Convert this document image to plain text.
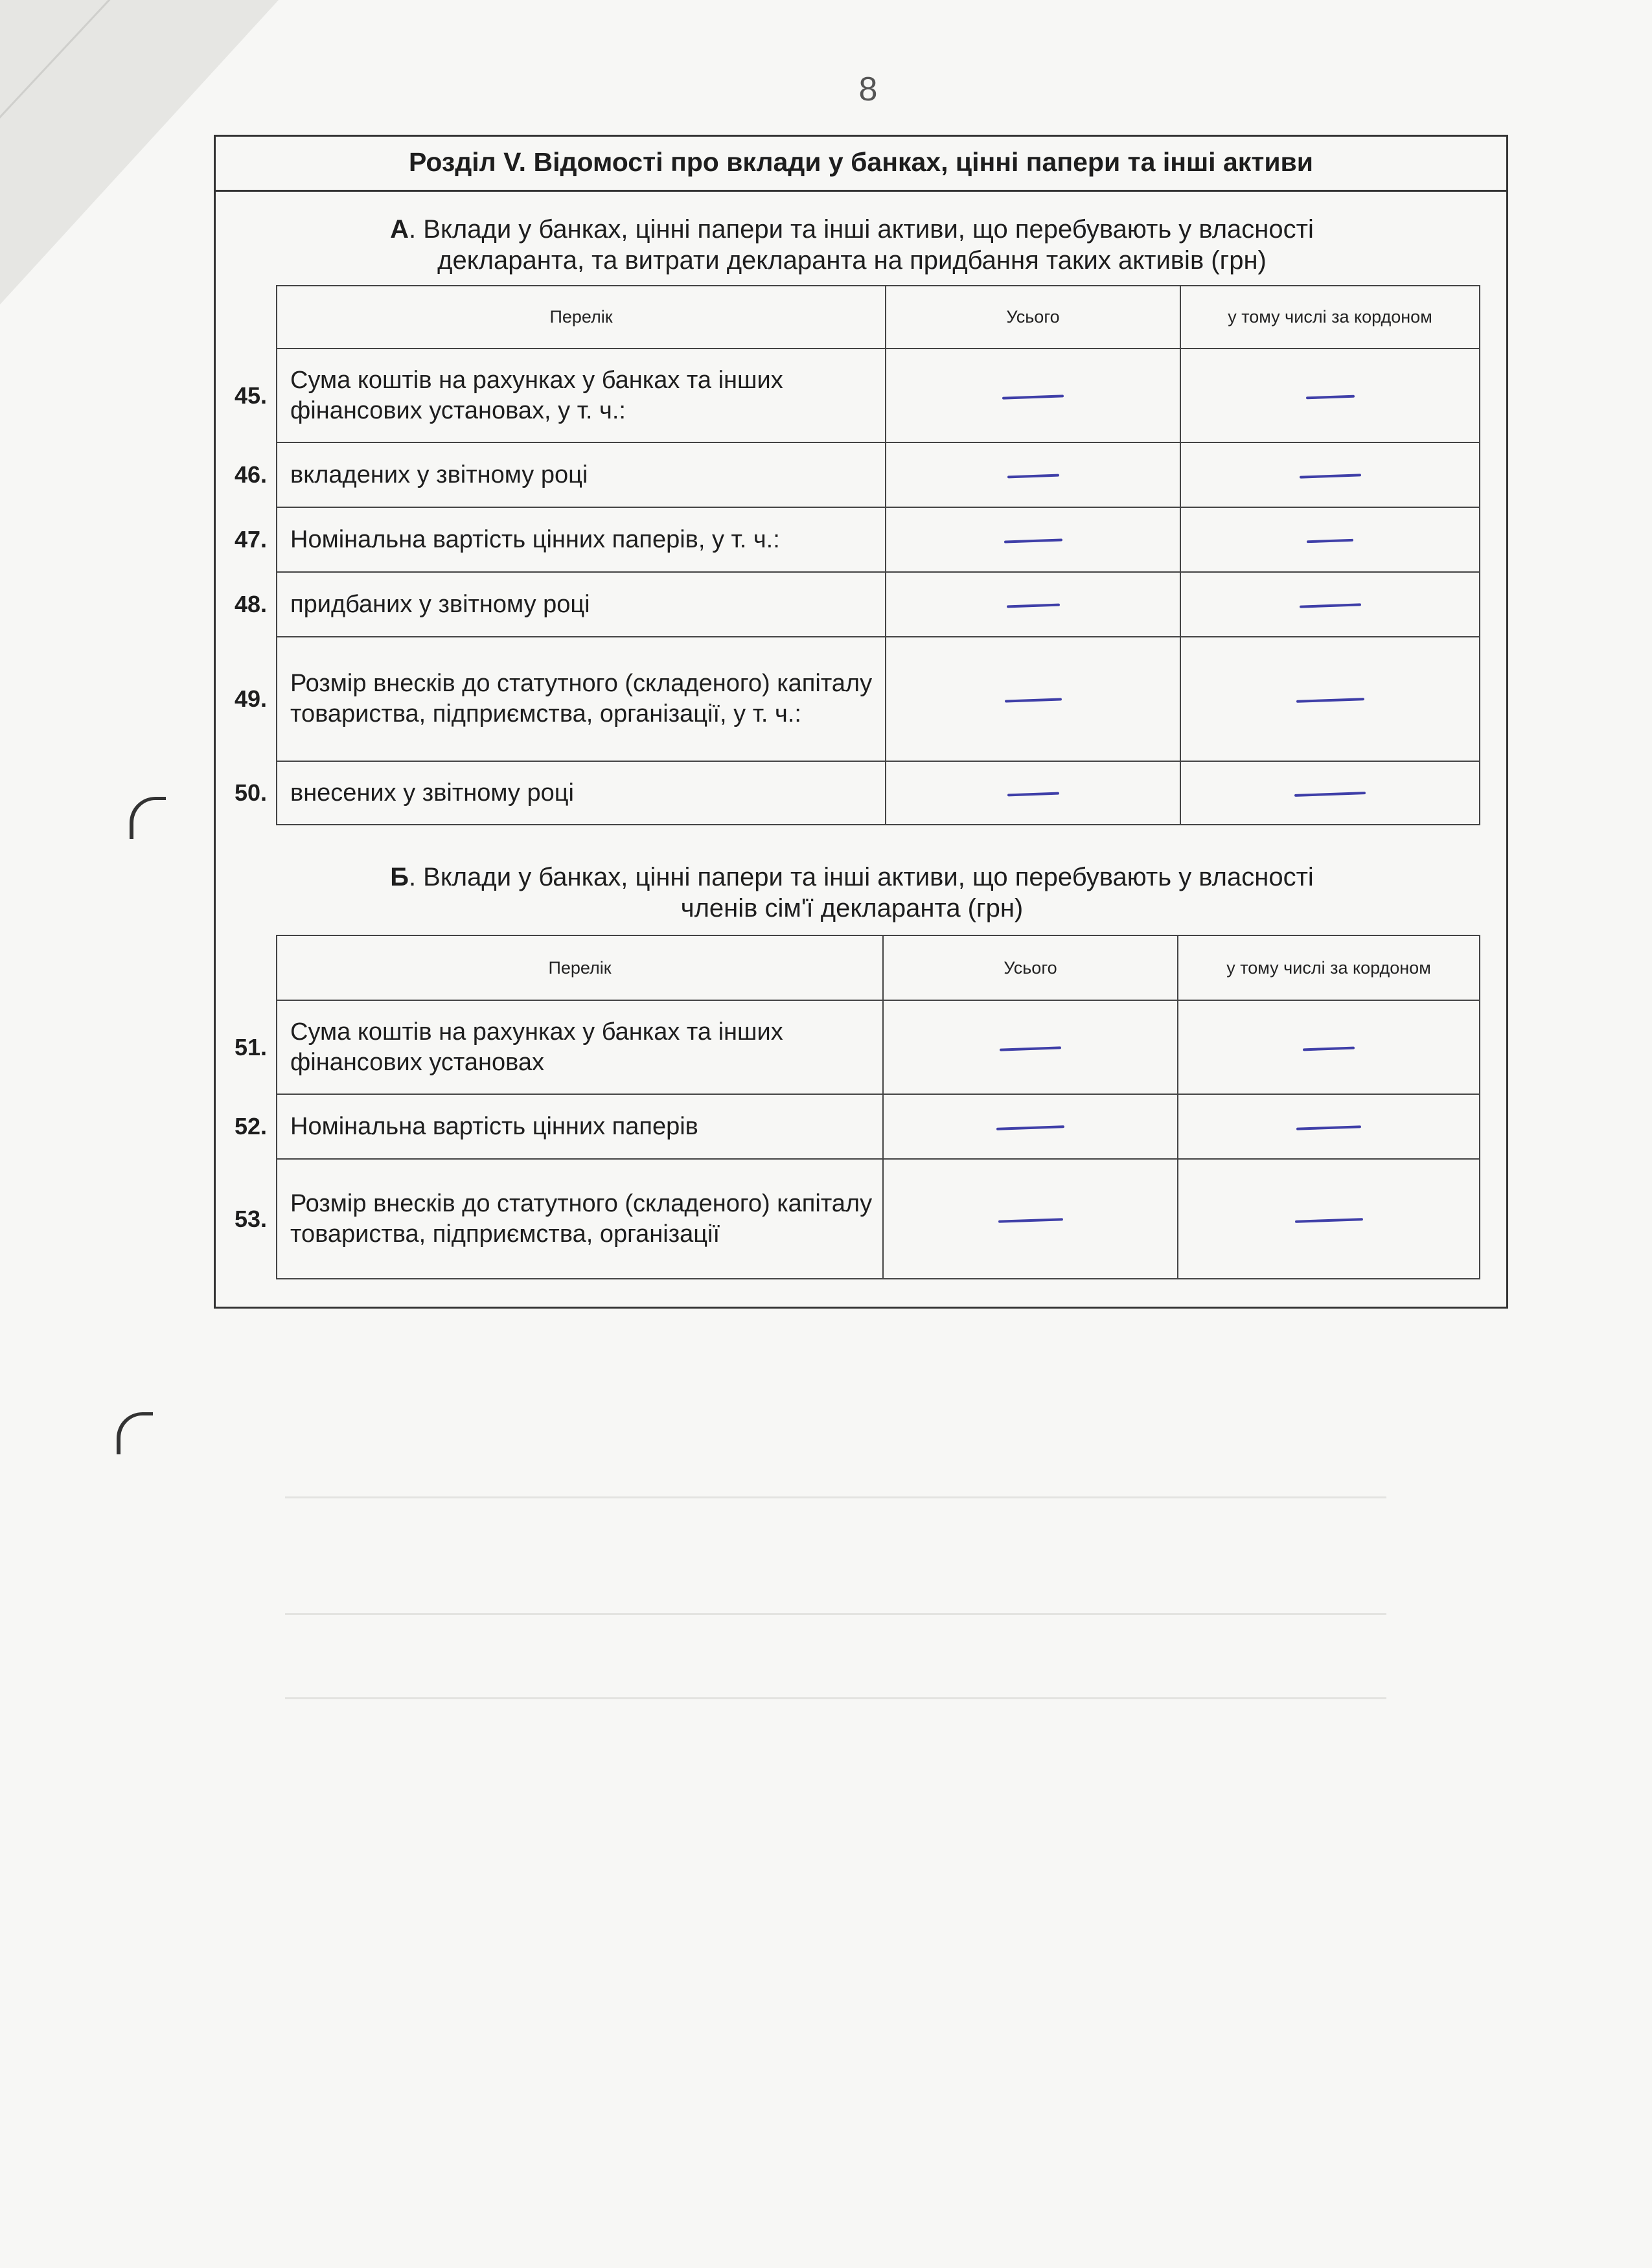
8
Розділ V. Відомості про вклади у банках, цінні папери та інші активи
А. Вклади у банках, цінні папери та інші активи, що перебувають у власності
декларанта, та витрати декларанта на придбання таких активів (грн)
	Перелік	Усього	у тому числі за кордоном
45.	Сума коштів на рахунках у банках та інших фінансових установах, у т. ч.:		
46.	вкладених у звітному році		
47.	Номінальна вартість цінних паперів, у т. ч.:		
48.	придбаних у звітному році		
49.	Розмір внесків до статутного (складеного) капіталу товариства, підприємства, організації, у т. ч.:		
50.	внесених у звітному році		
Б. Вклади у банках, цінні папери та інші активи, що перебувають у власності
членів сім'ї декларанта (грн)
	Перелік	Усього	у тому числі за кордоном
51.	Сума коштів на рахунках у банках та інших фінансових установах		
52.	Номінальна вартість цінних паперів		
53.	Розмір внесків до статутного (складеного) капіталу товариства, підприємства, організації		
